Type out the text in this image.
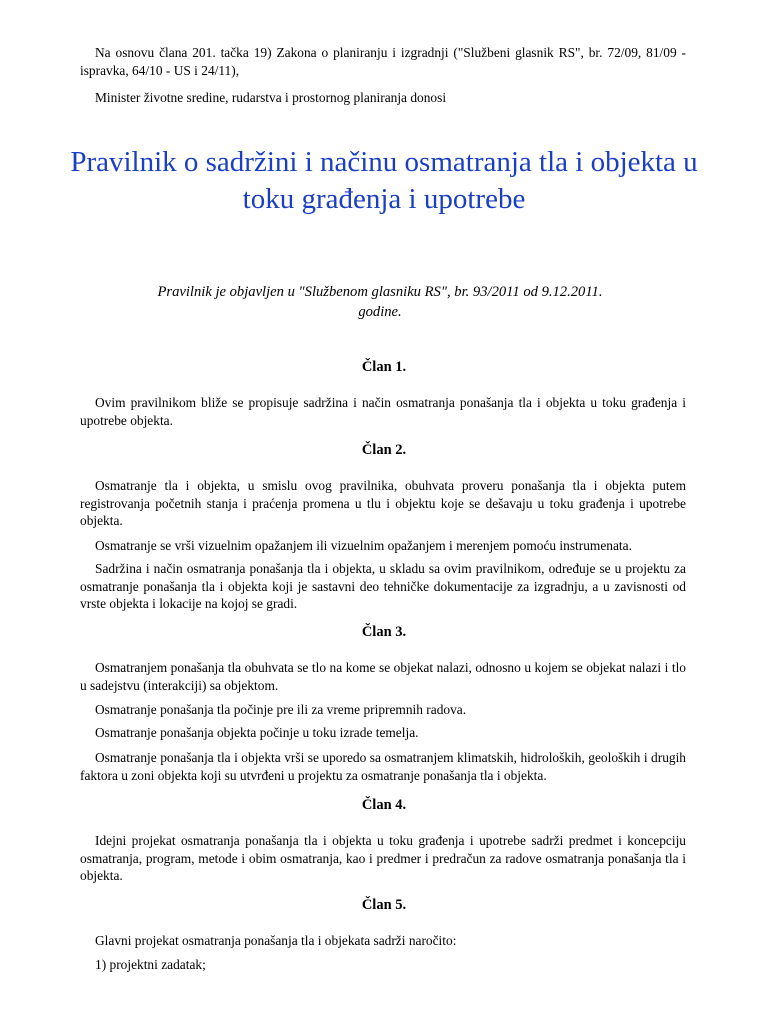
Na osnovu člana 201. tačka 19) Zakona o planiranju i izgradnji ("Službeni glasnik RS", br. 72/09, 81/09 - ispravka, 64/10 - US i 24/11),

Minister životne sredine, rudarstva i prostornog planiranja donosi

Pravilnik o sadržini i načinu osmatranja tla i objekta u toku građenja i upotrebe

Pravilnik je objavljen u "Službenom glasniku RS", br. 93/2011 od 9.12.2011. godine.

Član 1.

Ovim pravilnikom bliže se propisuje sadržina i način osmatranja ponašanja tla i objekta u toku građenja i upotrebe objekta.

Član 2.

Osmatranje tla i objekta, u smislu ovog pravilnika, obuhvata proveru ponašanja tla i objekta putem registrovanja početnih stanja i praćenja promena u tlu i objektu koje se dešavaju u toku građenja i upotrebe objekta.

Osmatranje se vrši vizuelnim opažanjem ili vizuelnim opažanjem i merenjem pomoću instrumenata.

Sadržina i način osmatranja ponašanja tla i objekta, u skladu sa ovim pravilnikom, određuje se u projektu za osmatranje ponašanja tla i objekta koji je sastavni deo tehničke dokumentacije za izgradnju, a u zavisnosti od vrste objekta i lokacije na kojoj se gradi.

Član 3.

Osmatranjem ponašanja tla obuhvata se tlo na kome se objekat nalazi, odnosno u kojem se objekat nalazi i tlo u sadejstvu (interakciji) sa objektom.

Osmatranje ponašanja tla počinje pre ili za vreme pripremnih radova.

Osmatranje ponašanja objekta počinje u toku izrade temelja.

Osmatranje ponašanja tla i objekta vrši se uporedo sa osmatranjem klimatskih, hidroloških, geoloških i drugih faktora u zoni objekta koji su utvrđeni u projektu za osmatranje ponašanja tla i objekta.

Član 4.

Idejni projekat osmatranja ponašanja tla i objekta u toku građenja i upotrebe sadrži predmet i koncepciju osmatranja, program, metode i obim osmatranja, kao i predmer i predračun za radove osmatranja ponašanja tla i objekta.

Član 5.

Glavni projekat osmatranja ponašanja tla i objekata sadrži naročito:

1) projektni zadatak;
